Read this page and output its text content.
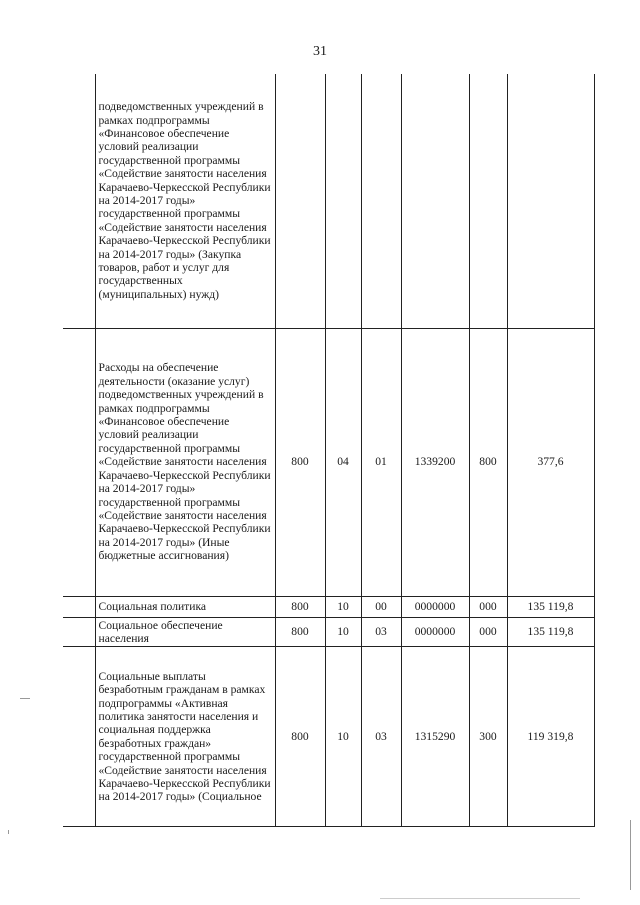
31
	подведомственных учреждений в рамках подпрограммы «Финансовое обеспечение условий реализации государственной программы «Содействие занятости населения Карачаево-Черкесской Республики на 2014-2017 годы» государственной программы «Содействие занятости населения Карачаево-Черкесской Республики на 2014-2017 годы» (Закупка товаров, работ и услуг для государственных (муниципальных) нужд)						
	Расходы на обеспечение деятельности (оказание услуг) подведомственных учреждений в рамках подпрограммы «Финансовое обеспечение условий реализации государственной программы «Содействие занятости населения Карачаево-Черкесской Республики на 2014-2017 годы» государственной программы «Содействие занятости населения Карачаево-Черкесской Республики на 2014-2017 годы» (Иные бюджетные ассигнования)	800	04	01	1339200	800	377,6
	Социальная политика	800	10	00	0000000	000	135 119,8
	Социальное обеспечение населения	800	10	03	0000000	000	135 119,8
	Социальные выплаты безработным гражданам в рамках подпрограммы «Активная политика занятости населения и социальная поддержка безработных граждан» государственной программы «Содействие занятости населения Карачаево-Черкесской Республики на 2014-2017 годы» (Социальное	800	10	03	1315290	300	119 319,8
